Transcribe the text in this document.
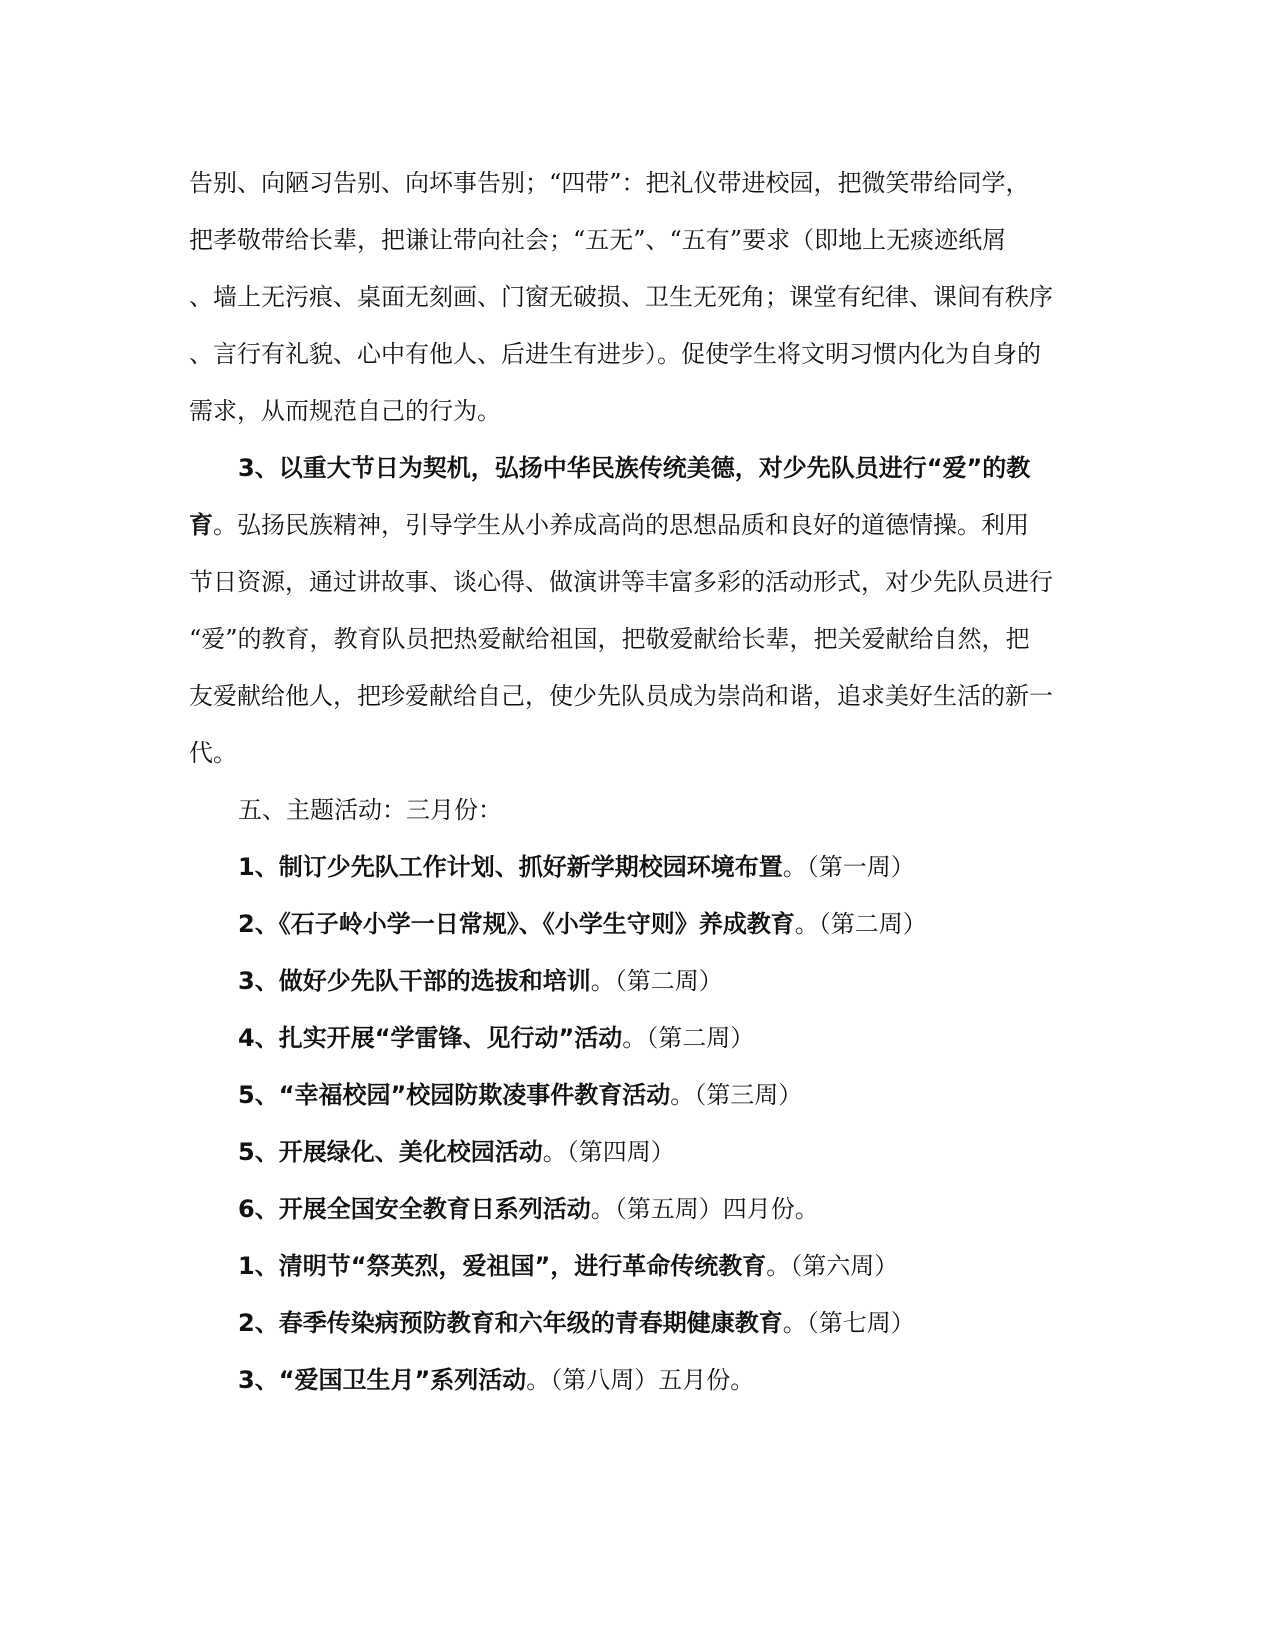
告别、向陋习告别、向坏事告别；“四带”：把礼仪带进校园，把微笑带给同学，
把孝敬带给长辈，把谦让带向社会；“五无”、“五有”要求（即地上无痰迹纸屑
、墙上无污痕、桌面无刻画、门窗无破损、卫生无死角；课堂有纪律、课间有秩序
、言行有礼貌、心中有他人、后进生有进步）。促使学生将文明习惯内化为自身的
需求，从而规范自己的行为。
3、以重大节日为契机，弘扬中华民族传统美德，对少先队员进行“爱”的教
育。弘扬民族精神，引导学生从小养成高尚的思想品质和良好的道德情操。利用
节日资源，通过讲故事、谈心得、做演讲等丰富多彩的活动形式，对少先队员进行
“爱”的教育，教育队员把热爱献给祖国，把敬爱献给长辈，把关爱献给自然，把
友爱献给他人，把珍爱献给自己，使少先队员成为崇尚和谐，追求美好生活的新一
代。
五、主题活动：三月份：
1、制订少先队工作计划、抓好新学期校园环境布置。（第一周）
2、《石子岭小学一日常规》、《小学生守则》养成教育。（第二周）
3、做好少先队干部的选拔和培训。（第二周）
4、扎实开展“学雷锋、见行动”活动。（第二周）
5、“幸福校园”校园防欺凌事件教育活动。（第三周）
5、开展绿化、美化校园活动。（第四周）
6、开展全国安全教育日系列活动。（第五周）四月份。
1、清明节“祭英烈，爱祖国”，进行革命传统教育。（第六周）
2、春季传染病预防教育和六年级的青春期健康教育。（第七周）
3、“爱国卫生月”系列活动。（第八周）五月份。
